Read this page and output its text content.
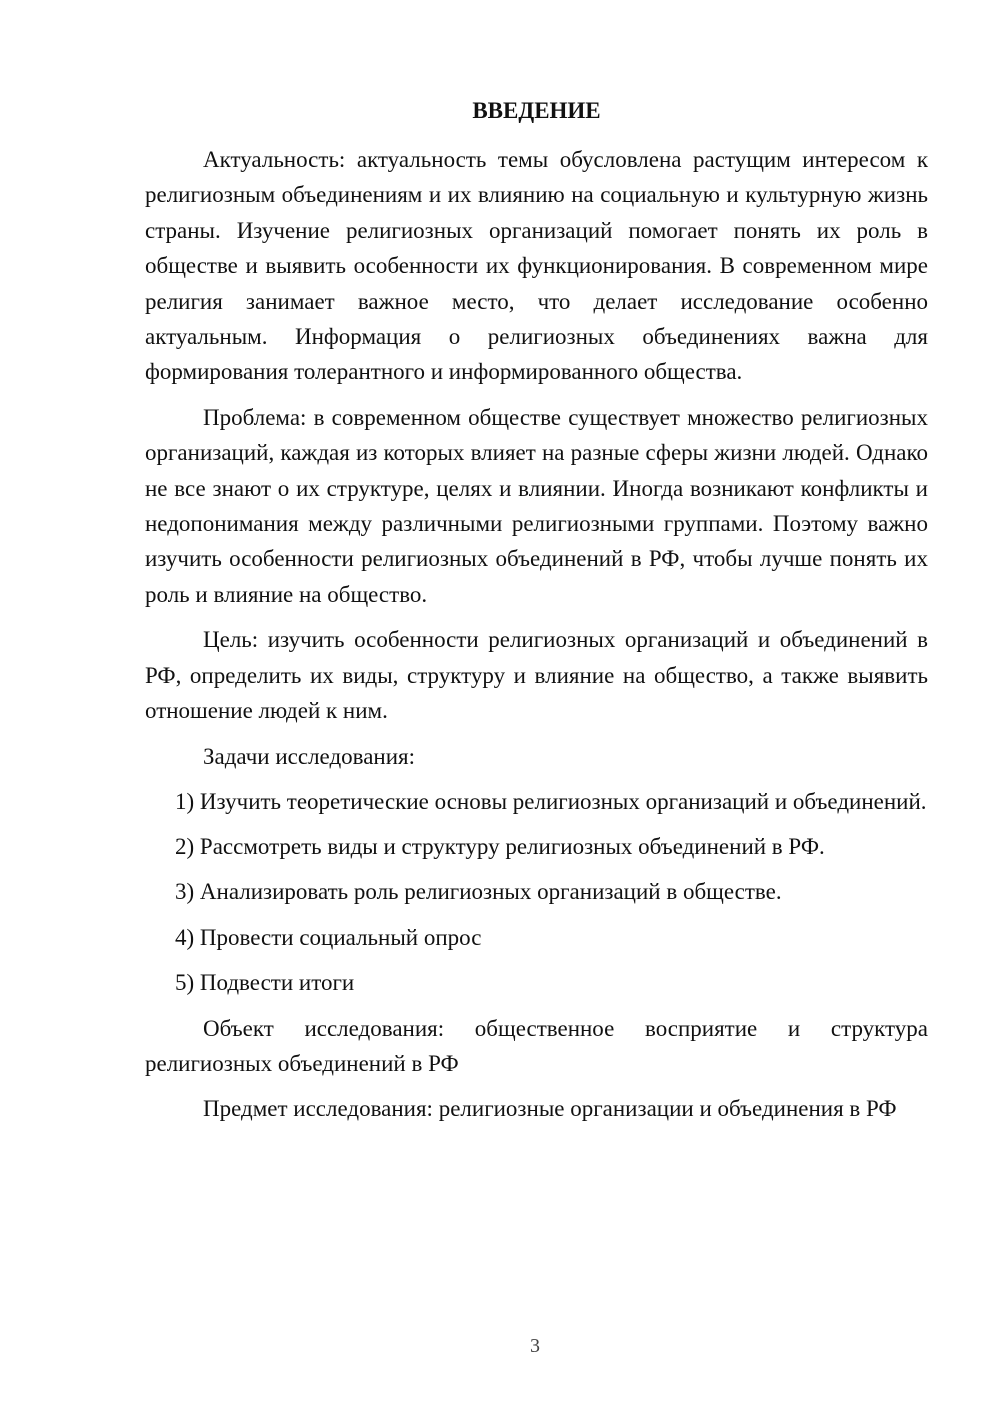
ВВЕДЕНИЕ

Актуальность: актуальность темы обусловлена растущим интересом к религиозным объединениям и их влиянию на социальную и культурную жизнь страны. Изучение религиозных организаций помогает понять их роль в обществе и выявить особенности их функционирования. В современном мире религия занимает важное место, что делает исследование особенно актуальным. Информация о религиозных объединениях важна для формирования толерантного и информированного общества.

Проблема: в современном обществе существует множество религиозных организаций, каждая из которых влияет на разные сферы жизни людей. Однако не все знают о их структуре, целях и влиянии. Иногда возникают конфликты и недопонимания между различными религиозными группами. Поэтому важно изучить особенности религиозных объединений в РФ, чтобы лучше понять их роль и влияние на общество.

Цель: изучить особенности религиозных организаций и объединений в РФ, определить их виды, структуру и влияние на общество, а также выявить отношение людей к ним.

Задачи исследования:

1) Изучить теоретические основы религиозных организаций и объединений.

2) Рассмотреть виды и структуру религиозных объединений в РФ.

3) Анализировать роль религиозных организаций в обществе.

4) Провести социальный опрос

5) Подвести итоги

Объект исследования: общественное восприятие и структура религиозных объединений в РФ

Предмет исследования: религиозные организации и объединения в РФ

3
